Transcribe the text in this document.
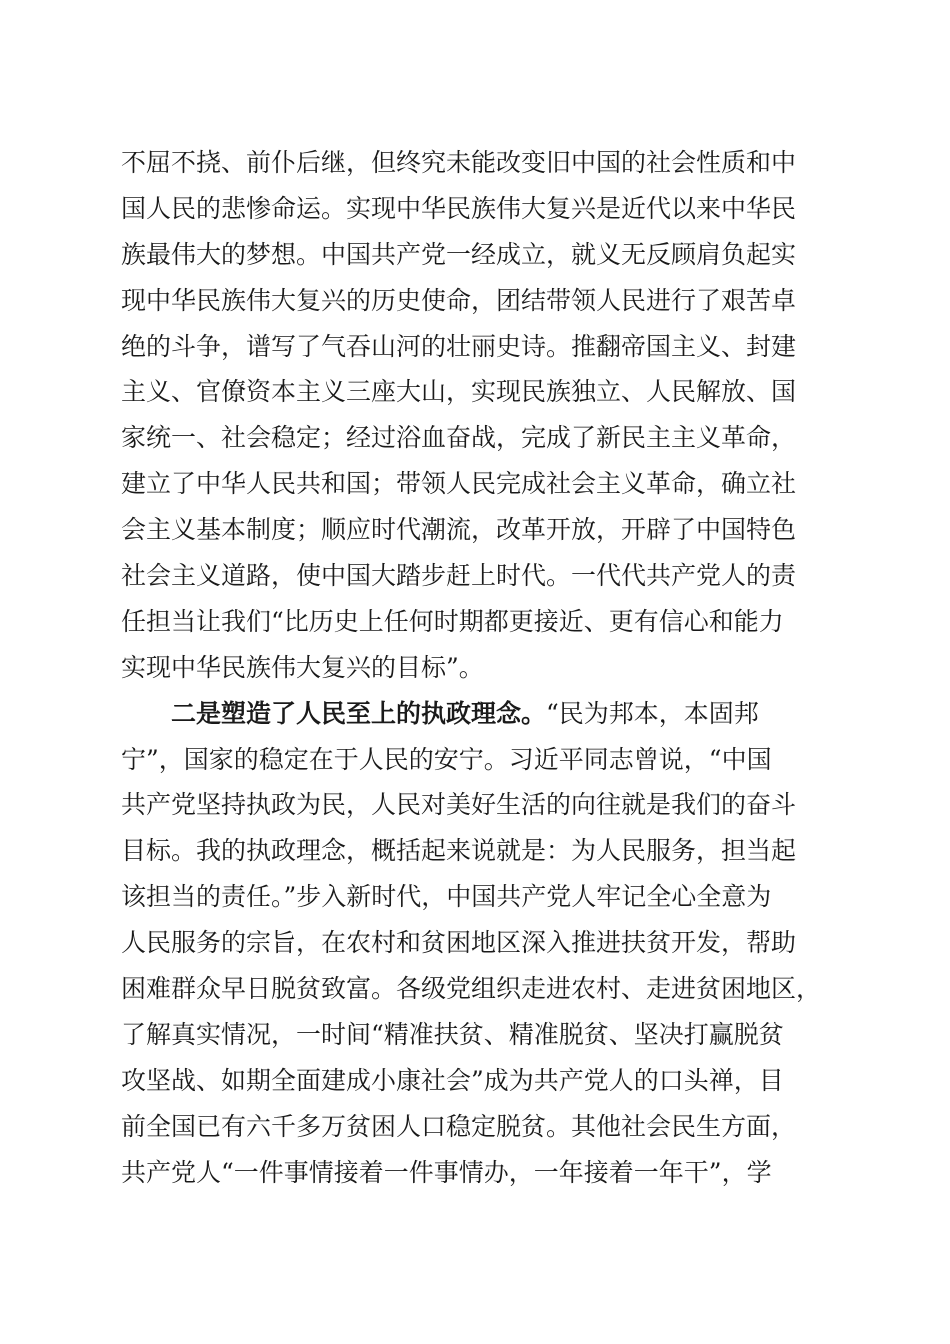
不屈不挠、前仆后继，但终究未能改变旧中国的社会性质和中
国人民的悲惨命运。实现中华民族伟大复兴是近代以来中华民
族最伟大的梦想。中国共产党一经成立，就义无反顾肩负起实
现中华民族伟大复兴的历史使命，团结带领人民进行了艰苦卓
绝的斗争，谱写了气吞山河的壮丽史诗。推翻帝国主义、封建
主义、官僚资本主义三座大山，实现民族独立、人民解放、国
家统一、社会稳定；经过浴血奋战，完成了新民主主义革命，
建立了中华人民共和国；带领人民完成社会主义革命，确立社
会主义基本制度；顺应时代潮流，改革开放，开辟了中国特色
社会主义道路，使中国大踏步赶上时代。一代代共产党人的责
任担当让我们“比历史上任何时期都更接近、更有信心和能力
实现中华民族伟大复兴的目标”。
二是塑造了人民至上的执政理念。“民为邦本，本固邦
宁”，国家的稳定在于人民的安宁。习近平同志曾说，“中国
共产党坚持执政为民，人民对美好生活的向往就是我们的奋斗
目标。我的执政理念，概括起来说就是：为人民服务，担当起
该担当的责任。”步入新时代，中国共产党人牢记全心全意为
人民服务的宗旨，在农村和贫困地区深入推进扶贫开发，帮助
困难群众早日脱贫致富。各级党组织走进农村、走进贫困地区，
了解真实情况，一时间“精准扶贫、精准脱贫、坚决打赢脱贫
攻坚战、如期全面建成小康社会”成为共产党人的口头禅，目
前全国已有六千多万贫困人口稳定脱贫。其他社会民生方面，
共产党人“一件事情接着一件事情办，一年接着一年干”，学
